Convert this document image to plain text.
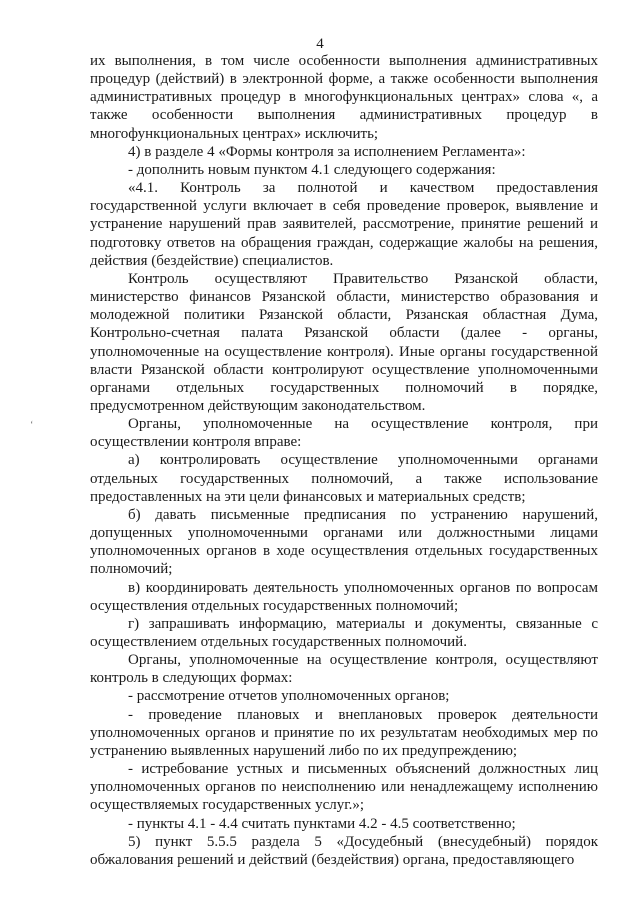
4
‘

их выполнения, в том числе особенности выполнения административных процедур (действий) в электронной форме, а также особенности выполнения административных процедур в многофункциональных центрах» слова «, а также особенности выполнения административных процедур в многофункциональных центрах» исключить;

4) в разделе 4 «Формы контроля за исполнением Регламента»:

- дополнить новым пунктом 4.1 следующего содержания:

«4.1. Контроль за полнотой и качеством предоставления государственной услуги включает в себя проведение проверок, выявление и устранение нарушений прав заявителей, рассмотрение, принятие решений и подготовку ответов на обращения граждан, содержащие жалобы на решения, действия (бездействие) специалистов.

Контроль осуществляют Правительство Рязанской области, министерство финансов Рязанской области, министерство образования и молодежной политики Рязанской области, Рязанская областная Дума, Контрольно-счетная палата Рязанской области (далее - органы, уполномоченные на осуществление контроля). Иные органы государственной власти Рязанской области контролируют осуществление уполномоченными органами отдельных государственных полномочий в порядке, предусмотренном действующим законодательством.

Органы, уполномоченные на осуществление контроля, при осуществлении контроля вправе:

а) контролировать осуществление уполномоченными органами отдельных государственных полномочий, а также использование предоставленных на эти цели финансовых и материальных средств;

б) давать письменные предписания по устранению нарушений, допущенных уполномоченными органами или должностными лицами уполномоченных органов в ходе осуществления отдельных государственных полномочий;

в) координировать деятельность уполномоченных органов по вопросам осуществления отдельных государственных полномочий;

г) запрашивать информацию, материалы и документы, связанные с осуществлением отдельных государственных полномочий.

Органы, уполномоченные на осуществление контроля, осуществляют контроль в следующих формах:

- рассмотрение отчетов уполномоченных органов;

- проведение плановых и внеплановых проверок деятельности уполномоченных органов и принятие по их результатам необходимых мер по устранению выявленных нарушений либо по их предупреждению;

- истребование устных и письменных объяснений должностных лиц уполномоченных органов по неисполнению или ненадлежащему исполнению осуществляемых государственных услуг.»;

- пункты 4.1 - 4.4 считать пунктами 4.2 - 4.5 соответственно;

5) пункт 5.5.5 раздела 5 «Досудебный (внесудебный) порядок обжалования решений и действий (бездействия) органа, предоставляющего
